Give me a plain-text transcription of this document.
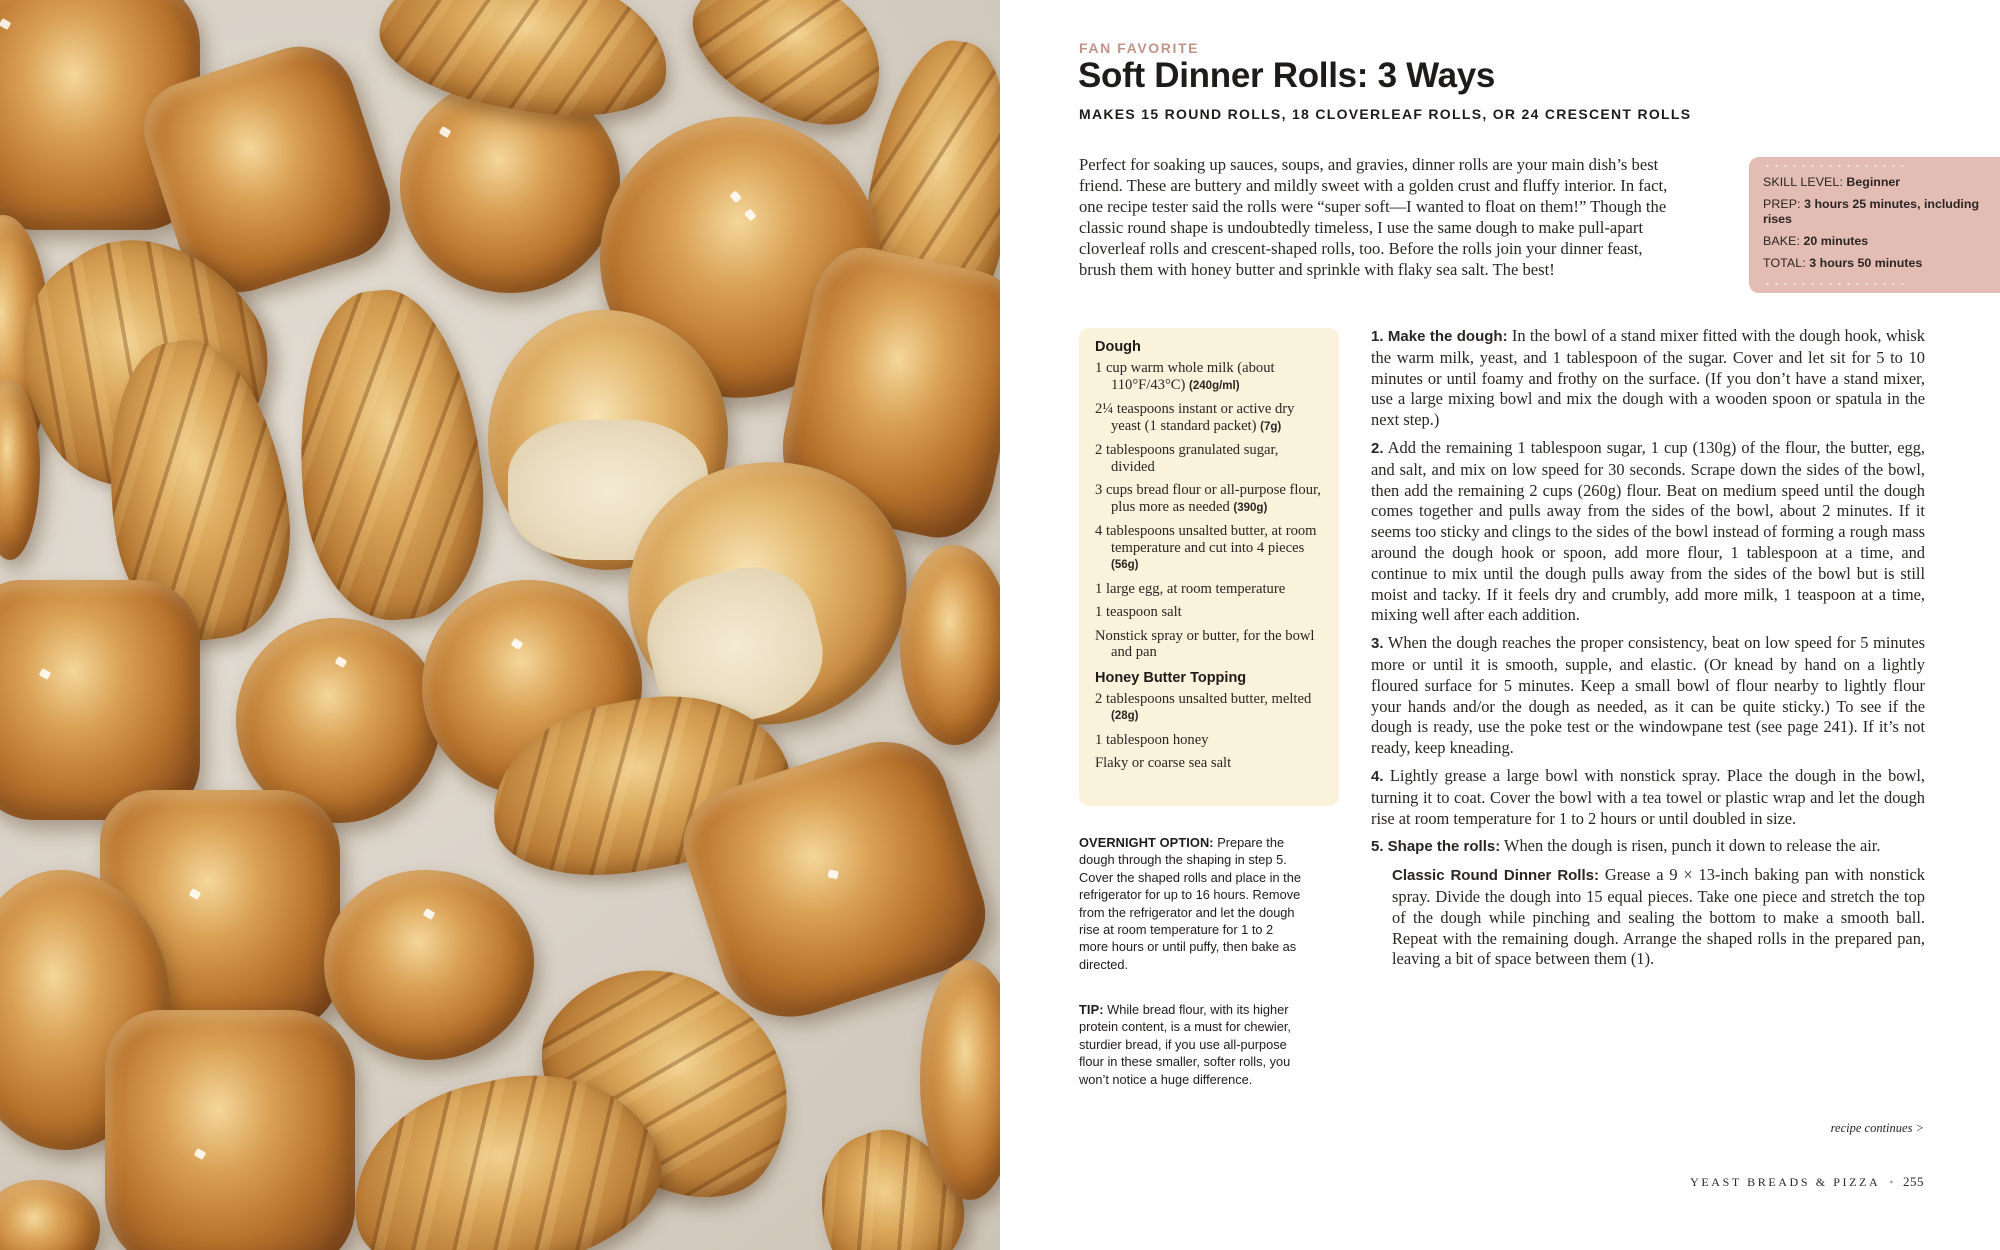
FAN FAVORITE
Soft Dinner Rolls: 3 Ways
MAKES 15 ROUND ROLLS, 18 CLOVERLEAF ROLLS, OR 24 CRESCENT ROLLS

Perfect for soaking up sauces, soups, and gravies, dinner rolls are your main dish’s best friend. These are buttery and mildly sweet with a golden crust and fluffy interior. In fact, one recipe tester said the rolls were “super soft—I wanted to float on them!” Though the classic round shape is undoubtedly timeless, I use the same dough to make pull-apart cloverleaf rolls and crescent-shaped rolls, too. Before the rolls join your dinner feast, brush them with honey butter and sprinkle with flaky sea salt. The best!

SKILL LEVEL: Beginner
PREP: 3 hours 25 minutes, including rises
BAKE: 20 minutes
TOTAL: 3 hours 50 minutes
Dough
1 cup warm whole milk (about 110°F/43°C) (240g/ml)
2¼ teaspoons instant or active dry yeast (1 standard packet) (7g)
2 tablespoons granulated sugar, divided
3 cups bread flour or all-purpose flour, plus more as needed (390g)
4 tablespoons unsalted butter, at room temperature and cut into 4 pieces (56g)
1 large egg, at room temperature
1 teaspoon salt
Nonstick spray or butter, for the bowl and pan
Honey Butter Topping
2 tablespoons unsalted butter, melted (28g)
1 tablespoon honey
Flaky or coarse sea salt
OVERNIGHT OPTION: Prepare the dough through the shaping in step 5. Cover the shaped rolls and place in the refrigerator for up to 16 hours. Remove from the refrigerator and let the dough rise at room temperature for 1 to 2 more hours or until puffy, then bake as directed.
TIP: While bread flour, with its higher protein content, is a must for chewier, sturdier bread, if you use all-purpose flour in these smaller, softer rolls, you won’t notice a huge difference.

1. Make the dough: In the bowl of a stand mixer fitted with the dough hook, whisk the warm milk, yeast, and 1 tablespoon of the sugar. Cover and let sit for 5 to 10 minutes or until foamy and frothy on the surface. (If you don’t have a stand mixer, use a large mixing bowl and mix the dough with a wooden spoon or spatula in the next step.)

2. Add the remaining 1 tablespoon sugar, 1 cup (130g) of the flour, the butter, egg, and salt, and mix on low speed for 30 seconds. Scrape down the sides of the bowl, then add the remaining 2 cups (260g) flour. Beat on medium speed until the dough comes together and pulls away from the sides of the bowl, about 2 minutes. If it seems too sticky and clings to the sides of the bowl instead of forming a rough mass around the dough hook or spoon, add more flour, 1 tablespoon at a time, and continue to mix until the dough pulls away from the sides of the bowl but is still moist and tacky. If it feels dry and crumbly, add more milk, 1 teaspoon at a time, mixing well after each addition.

3. When the dough reaches the proper consistency, beat on low speed for 5 minutes more or until it is smooth, supple, and elastic. (Or knead by hand on a lightly floured surface for 5 minutes. Keep a small bowl of flour nearby to lightly flour your hands and/or the dough as needed, as it can be quite sticky.) To see if the dough is ready, use the poke test or the windowpane test (see page 241). If it’s not ready, keep kneading.

4. Lightly grease a large bowl with nonstick spray. Place the dough in the bowl, turning it to coat. Cover the bowl with a tea towel or plastic wrap and let the dough rise at room temperature for 1 to 2 hours or until doubled in size.

5. Shape the rolls: When the dough is risen, punch it down to release the air.

Classic Round Dinner Rolls: Grease a 9 × 13-inch baking pan with nonstick spray. Divide the dough into 15 equal pieces. Take one piece and stretch the top of the dough while pinching and sealing the bottom to make a smooth ball. Repeat with the remaining dough. Arrange the shaped rolls in the prepared pan, leaving a bit of space between them (1).

recipe continues >
YEAST BREADS & PIZZA • 255
